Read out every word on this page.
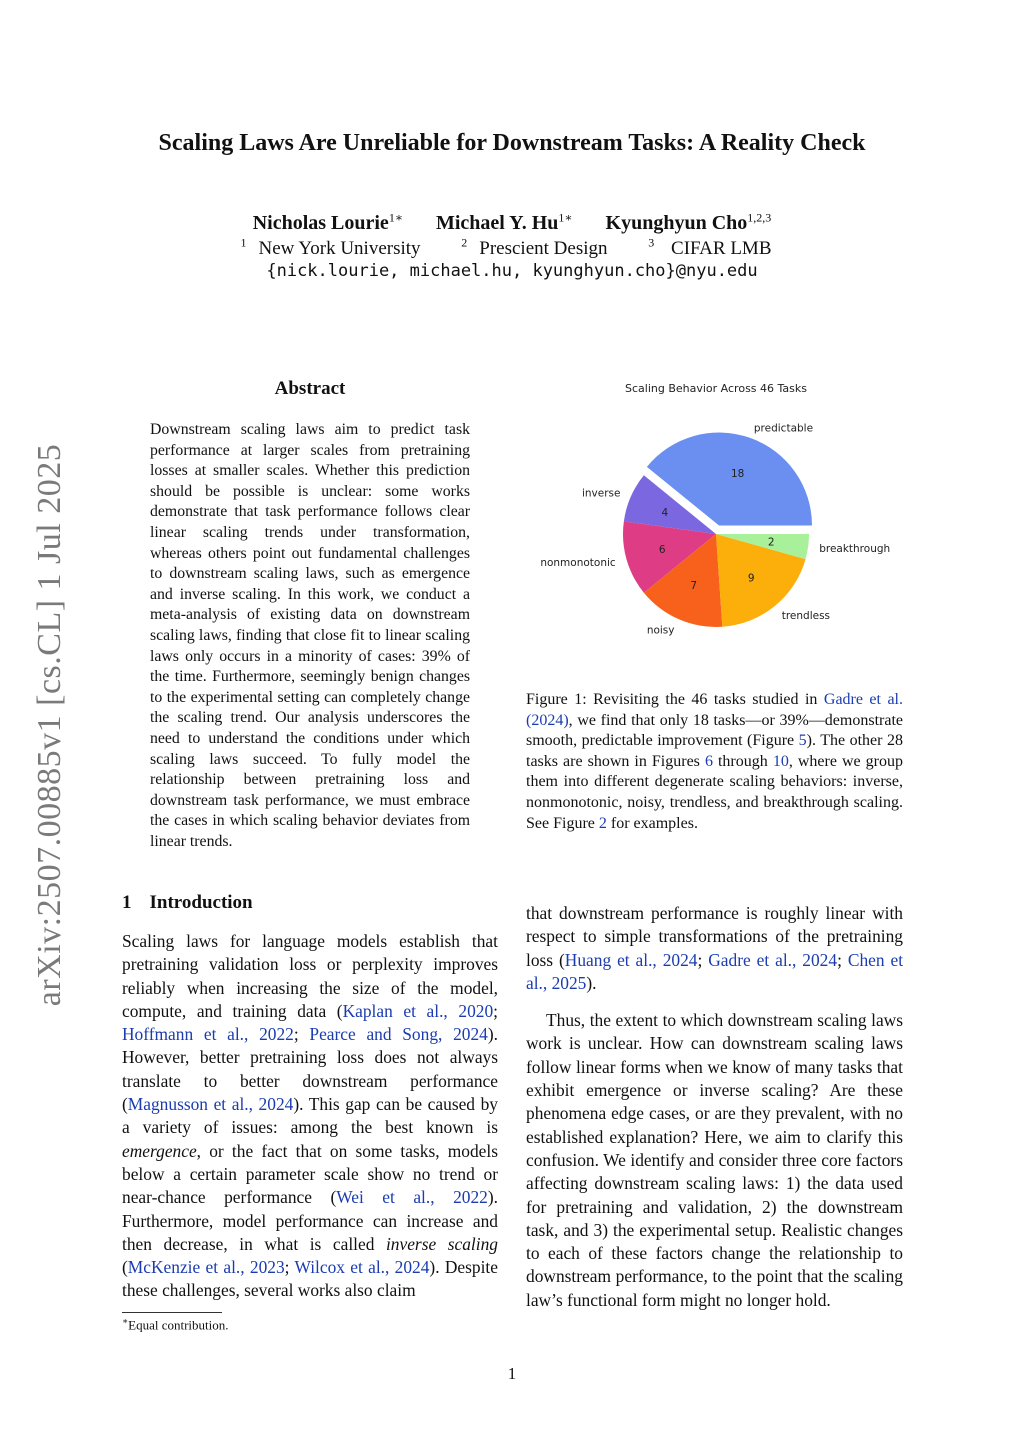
arXiv:2507.00885v1 [cs.CL] 1 Jul 2025
Scaling Laws Are Unreliable for Downstream Tasks: A Reality Check
Nicholas Lourie$^{1∗}$ Michael Y. $Hu^{1∗}$ Kyunghyun Cho$^{1,2,3}$
$^1$ New York University	$^2$ Prescient Design	$^3$ CIFAR LMB
{nick.lourie, michael.hu, kyunghyun.cho}@nyu.edu
Abstract
Downstream scaling laws aim to predict task performance at larger scales from pretraining losses at smaller scales. Whether this prediction should be possible is unclear: some works demonstrate that task performance follows clear linear scaling trends under transformation, whereas others point out fundamental challenges to downstream scaling laws, such as emergence and inverse scaling. In this work, we conduct a meta-analysis of existing data on downstream scaling laws, finding that close fit to linear scaling laws only occurs in a minority of cases: 39% of the time. Furthermore, seemingly benign changes to the experimental setting can completely change the scaling trend. Our analysis underscores the need to understand the conditions under which scaling laws succeed. To fully model the relationship between pretraining loss and downstream task performance, we must embrace the cases in which scaling behavior deviates from linear trends.
1 Introduction
Scaling laws for language models establish that pretraining validation loss or perplexity improves reliably when increasing the size of the model, compute, and training data (Kaplan et al., 2020; Hoffmann et al., 2022; Pearce and Song, 2024). However, better pretraining loss does not always translate to better downstream performance (Magnusson et al., 2024). This gap can be caused by a variety of issues: among the best known is emergence, or the fact that on some tasks, models below a certain parameter scale show no trend or near-chance performance (Wei et al., 2022). Furthermore, model performance can increase and then decrease, in what is called inverse scaling (McKenzie et al., 2023; Wilcox et al., 2024). Despite these challenges, several works also claim
∗Equal contribution.
Scaling Behavior Across 46 Tasks
18
predictable
4
inverse
6
nonmonotonic
7
noisy
9
trendless
2
breakthrough
Figure 1: Revisiting the 46 tasks studied in Gadre et al. (2024), we find that only 18 tasks—or 39%—demonstrate smooth, predictable improvement (Figure 5). The other 28 tasks are shown in Figures 6 through 10, where we group them into different degenerate scaling behaviors: inverse, nonmonotonic, noisy, trendless, and breakthrough scaling. See Figure 2 for examples.

that downstream performance is roughly linear with respect to simple transformations of the pretraining loss (Huang et al., 2024; Gadre et al., 2024; Chen et al., 2025).

Thus, the extent to which downstream scaling laws work is unclear. How can downstream scaling laws follow linear forms when we know of many tasks that exhibit emergence or inverse scaling? Are these phenomena edge cases, or are they prevalent, with no established explanation? Here, we aim to clarify this confusion. We identify and consider three core factors affecting downstream scaling laws: 1) the data used for pretraining and validation, 2) the downstream task, and 3) the experimental setup. Realistic changes to each of these factors change the relationship to downstream performance, to the point that the scaling law’s functional form might no longer hold.

1
